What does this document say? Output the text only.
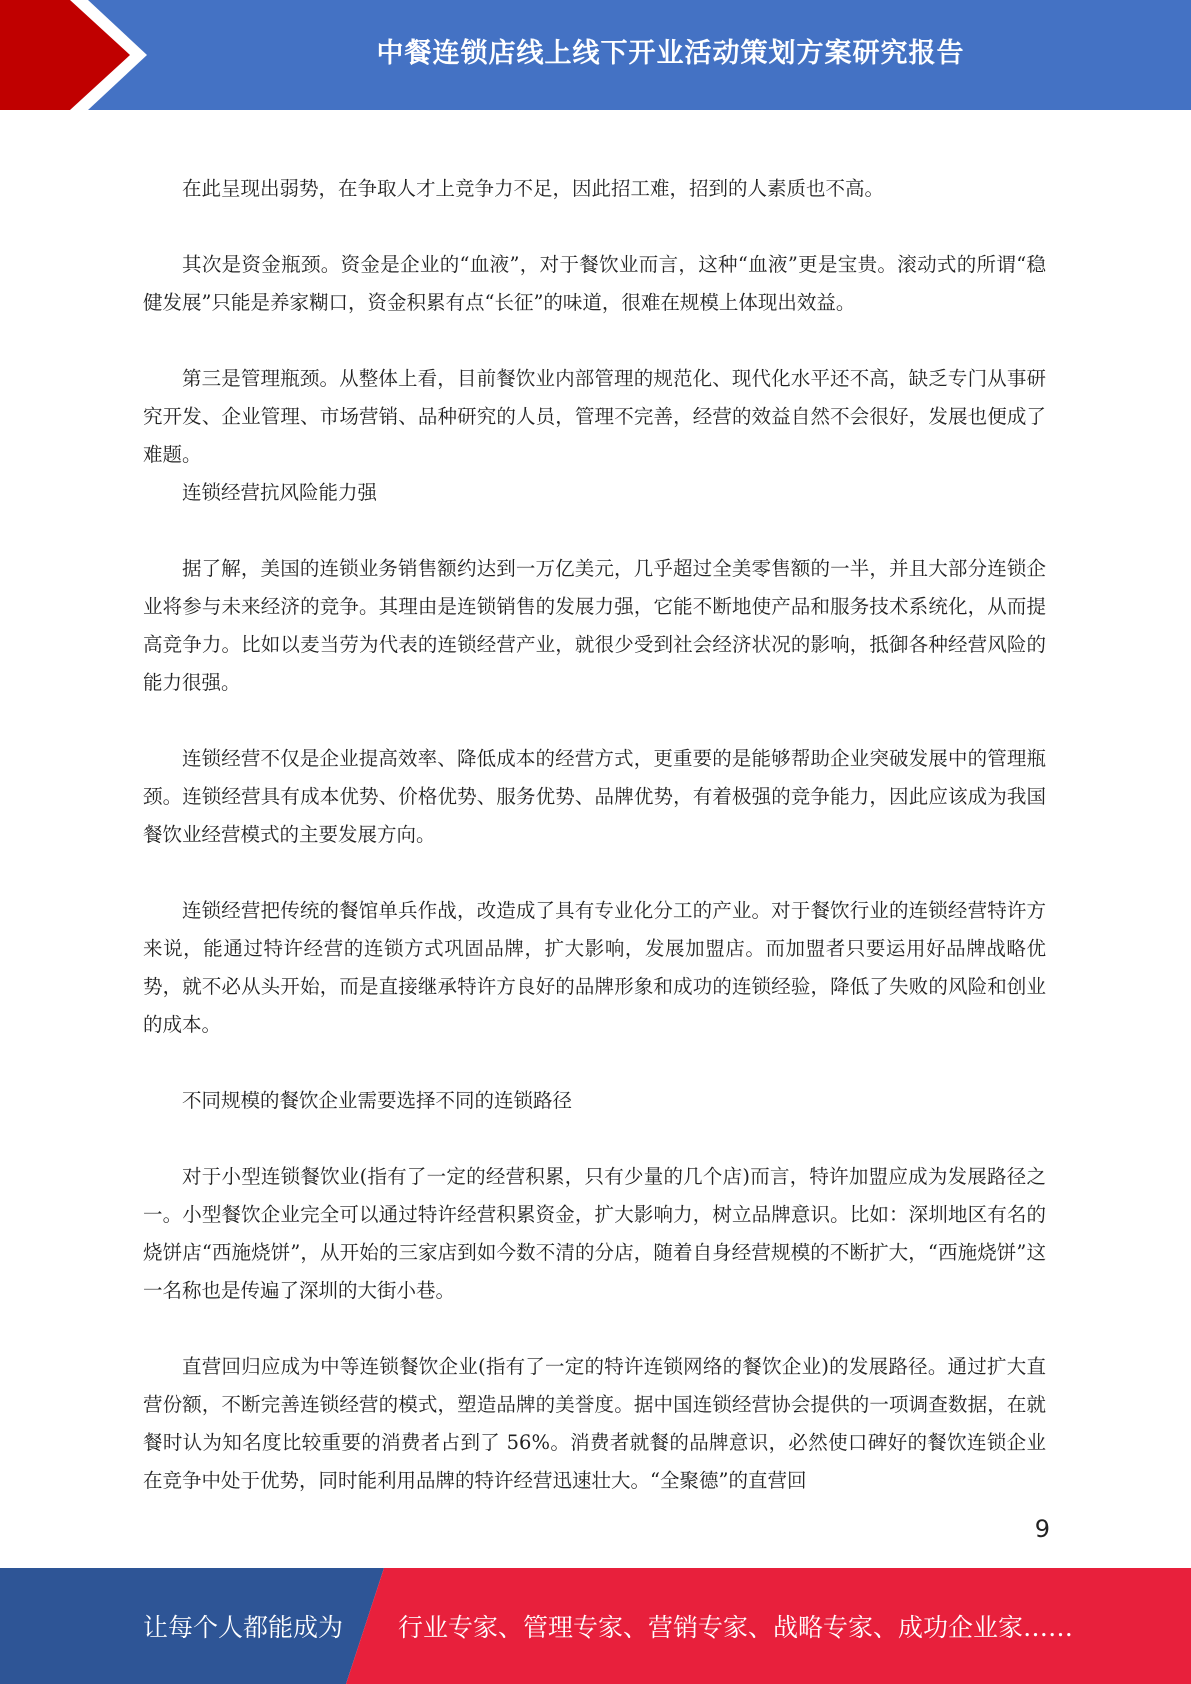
中餐连锁店线上线下开业活动策划方案研究报告

在此呈现出弱势，在争取人才上竞争力不足，因此招工难，招到的人素质也不高。

其次是资金瓶颈。资金是企业的“血液”，对于餐饮业而言，这种“血液”更是宝贵。滚动式的所谓“稳健发展”只能是养家糊口，资金积累有点“长征”的味道，很难在规模上体现出效益。

第三是管理瓶颈。从整体上看，目前餐饮业内部管理的规范化、现代化水平还不高，缺乏专门从事研究开发、企业管理、市场营销、品种研究的人员，管理不完善，经营的效益自然不会很好，发展也便成了难题。

连锁经营抗风险能力强

据了解，美国的连锁业务销售额约达到一万亿美元，几乎超过全美零售额的一半，并且大部分连锁企业将参与未来经济的竞争。其理由是连锁销售的发展力强，它能不断地使产品和服务技术系统化，从而提高竞争力。比如以麦当劳为代表的连锁经营产业，就很少受到社会经济状况的影响，抵御各种经营风险的能力很强。

连锁经营不仅是企业提高效率、降低成本的经营方式，更重要的是能够帮助企业突破发展中的管理瓶颈。连锁经营具有成本优势、价格优势、服务优势、品牌优势，有着极强的竞争能力，因此应该成为我国餐饮业经营模式的主要发展方向。

连锁经营把传统的餐馆单兵作战，改造成了具有专业化分工的产业。对于餐饮行业的连锁经营特许方来说，能通过特许经营的连锁方式巩固品牌，扩大影响，发展加盟店。而加盟者只要运用好品牌战略优势，就不必从头开始，而是直接继承特许方良好的品牌形象和成功的连锁经验，降低了失败的风险和创业的成本。

不同规模的餐饮企业需要选择不同的连锁路径

对于小型连锁餐饮业(指有了一定的经营积累，只有少量的几个店)而言，特许加盟应成为发展路径之一。小型餐饮企业完全可以通过特许经营积累资金，扩大影响力，树立品牌意识。比如：深圳地区有名的烧饼店“西施烧饼”，从开始的三家店到如今数不清的分店，随着自身经营规模的不断扩大，“西施烧饼”这一名称也是传遍了深圳的大街小巷。

直营回归应成为中等连锁餐饮企业(指有了一定的特许连锁网络的餐饮企业)的发展路径。通过扩大直营份额，不断完善连锁经营的模式，塑造品牌的美誉度。据中国连锁经营协会提供的一项调查数据，在就餐时认为知名度比较重要的消费者占到了 56%。消费者就餐的品牌意识，必然使口碑好的餐饮连锁企业在竞争中处于优势，同时能利用品牌的特许经营迅速壮大。“全聚德”的直营回

9
让每个人都能成为 行业专家、管理专家、营销专家、战略专家、成功企业家……
